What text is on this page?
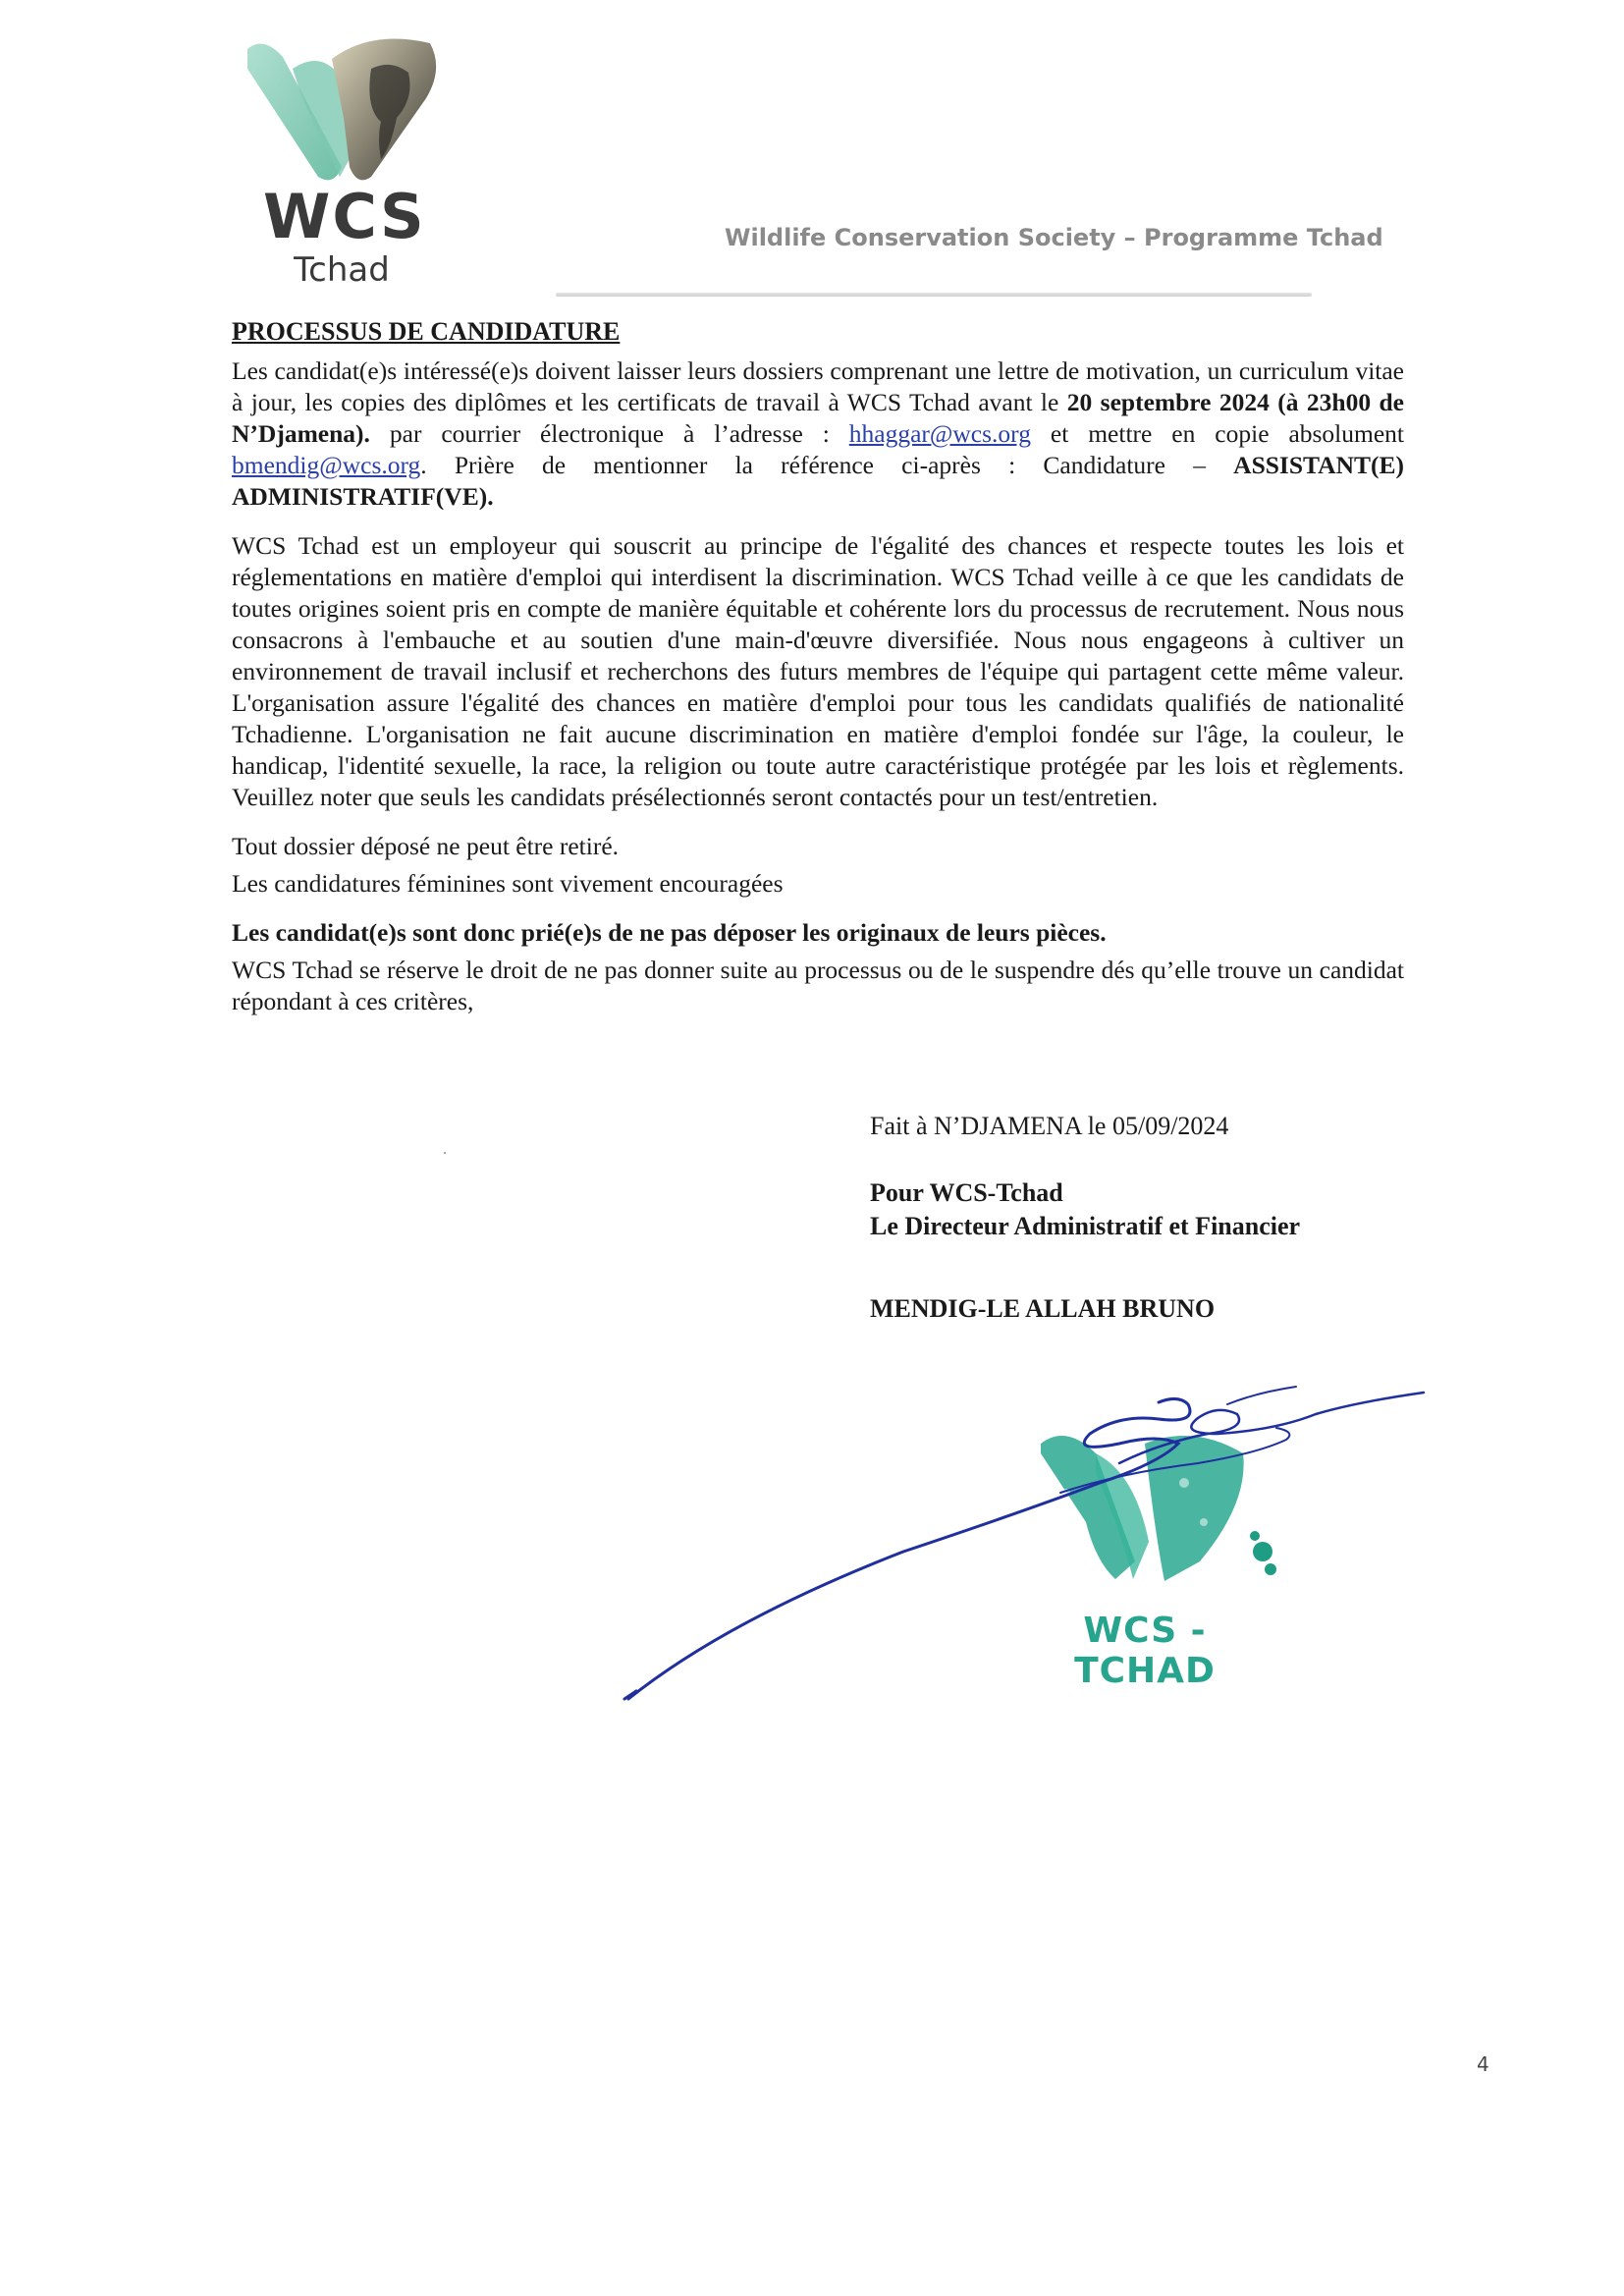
WCS
Tchad
Wildlife Conservation Society – Programme Tchad
PROCESSUS DE CANDIDATURE

Les candidat(e)s intéressé(e)s doivent laisser leurs dossiers comprenant une lettre de motivation, un curriculum vitae à jour, les copies des diplômes et les certificats de travail à WCS Tchad avant le 20 septembre 2024 (à 23h00 de N’Djamena). par courrier électronique à l’adresse : hhaggar@wcs.org et mettre en copie absolument bmendig@wcs.org. Prière de mentionner la référence ci-après : Candidature – ASSISTANT(E) ADMINISTRATIF(VE).

WCS Tchad est un employeur qui souscrit au principe de l'égalité des chances et respecte toutes les lois et réglementations en matière d'emploi qui interdisent la discrimination. WCS Tchad veille à ce que les candidats de toutes origines soient pris en compte de manière équitable et cohérente lors du processus de recrutement. Nous nous consacrons à l'embauche et au soutien d'une main-d'œuvre diversifiée. Nous nous engageons à cultiver un environnement de travail inclusif et recherchons des futurs membres de l'équipe qui partagent cette même valeur. L'organisation assure l'égalité des chances en matière d'emploi pour tous les candidats qualifiés de nationalité Tchadienne. L'organisation ne fait aucune discrimination en matière d'emploi fondée sur l'âge, la couleur, le handicap, l'identité sexuelle, la race, la religion ou toute autre caractéristique protégée par les lois et règlements. Veuillez noter que seuls les candidats présélectionnés seront contactés pour un test/entretien.

Tout dossier déposé ne peut être retiré.

Les candidatures féminines sont vivement encouragées

Les candidat(e)s sont donc prié(e)s de ne pas déposer les originaux de leurs pièces.

WCS Tchad se réserve le droit de ne pas donner suite au processus ou de le suspendre dés qu’elle trouve un candidat répondant à ces critères,

Fait à N’DJAMENA le 05/09/2024
Pour WCS-Tchad
Le Directeur Administratif et Financier
MENDIG-LE ALLAH BRUNO
WCS - TCHAD
4
